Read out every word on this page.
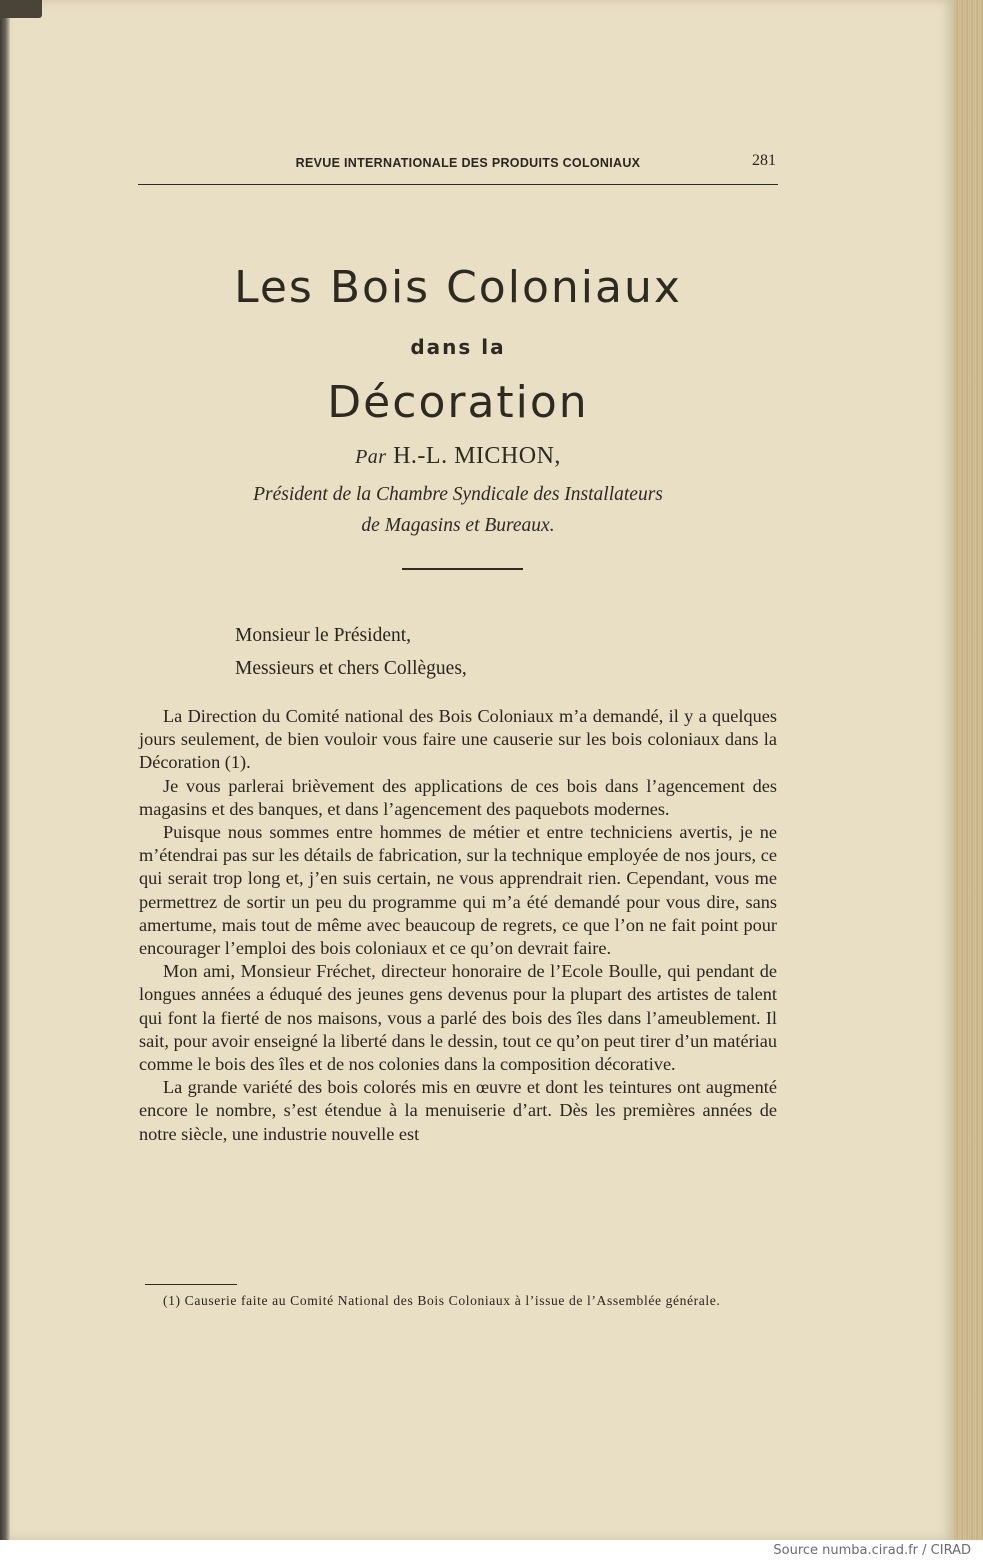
REVUE INTERNATIONALE DES PRODUITS COLONIAUX	281
Les Bois Coloniaux
dans la
Décoration
Par H.-L. MICHON,
Président de la Chambre Syndicale des Installateurs
de Magasins et Bureaux.
Monsieur le Président,
Messieurs et chers Collègues,

La Direction du Comité national des Bois Coloniaux m’a demandé, il y a quelques jours seulement, de bien vouloir vous faire une causerie sur les bois coloniaux dans la Décoration (1).

Je vous parlerai brièvement des applications de ces bois dans l’agencement des magasins et des banques, et dans l’agencement des paquebots modernes.

Puisque nous sommes entre hommes de métier et entre techniciens avertis, je ne m’étendrai pas sur les détails de fabrication, sur la technique employée de nos jours, ce qui serait trop long et, j’en suis certain, ne vous apprendrait rien. Cependant, vous me permettrez de sortir un peu du programme qui m’a été demandé pour vous dire, sans amertume, mais tout de même avec beaucoup de regrets, ce que l’on ne fait point pour encourager l’emploi des bois coloniaux et ce qu’on devrait faire.

Mon ami, Monsieur Fréchet, directeur honoraire de l’Ecole Boulle, qui pendant de longues années a éduqué des jeunes gens devenus pour la plupart des artistes de talent qui font la fierté de nos maisons, vous a parlé des bois des îles dans l’ameublement. Il sait, pour avoir enseigné la liberté dans le dessin, tout ce qu’on peut tirer d’un matériau comme le bois des îles et de nos colonies dans la composition décorative.

La grande variété des bois colorés mis en œuvre et dont les teintures ont augmenté encore le nombre, s’est étendue à la menuiserie d’art. Dès les premières années de notre siècle, une industrie nouvelle est

(1) Causerie faite au Comité National des Bois Coloniaux à l’issue de l’Assemblée générale.
Source numba.cirad.fr / CIRAD
